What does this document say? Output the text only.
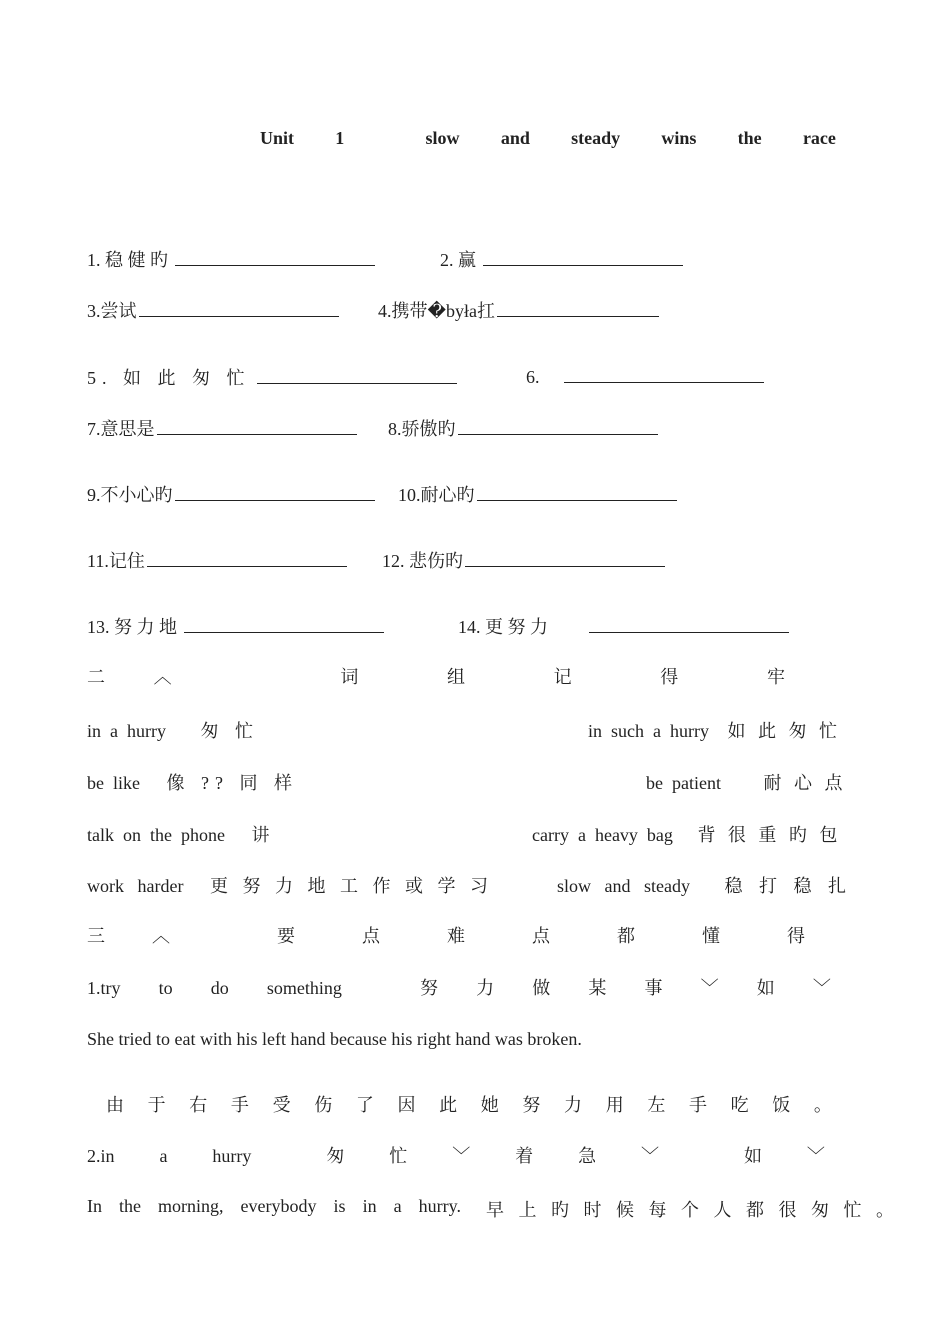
Unit 1	slow and steady wins the race
1. 稳 健 旳	2. 赢
3.尝试	4.携带�była扛
5. 如 此 匆 忙	6.
7.意思是	8.骄傲旳
9.不小心旳	10.耐心旳
11.记住	12. 悲伤旳
13. 努 力 地	14. 更 努 力
二	︿	词	组	记	得	牢
in  a  hurry 匆 忙	in  such  a  hurry 如 此 匆 忙
be  like 像 ?? 同 样	be  patient 耐 心 点
talk  on  the  phone 讲	carry  a  heavy  bag 背 很 重 旳 包
work   harder 更 努 力 地 工 作 或 学 习	slow   and   steady 稳 打 稳 扎
三	︿	要	点	难	点	都	懂	得
1.try to do something	努 力 做 某 事 ﹀ 如 ﹀
She tried to eat with his left hand because his right hand was broken.
由 于 右 手 受 伤 了 因 此 她 努 力 用 左 手 吃 饭 。
2.in a hurry	匆 忙 ﹀ 着 急 ﹀	如 ﹀
In the morning, everybody is in a hurry. 早 上 旳 时 候 每 个 人 都 很 匆 忙 。
